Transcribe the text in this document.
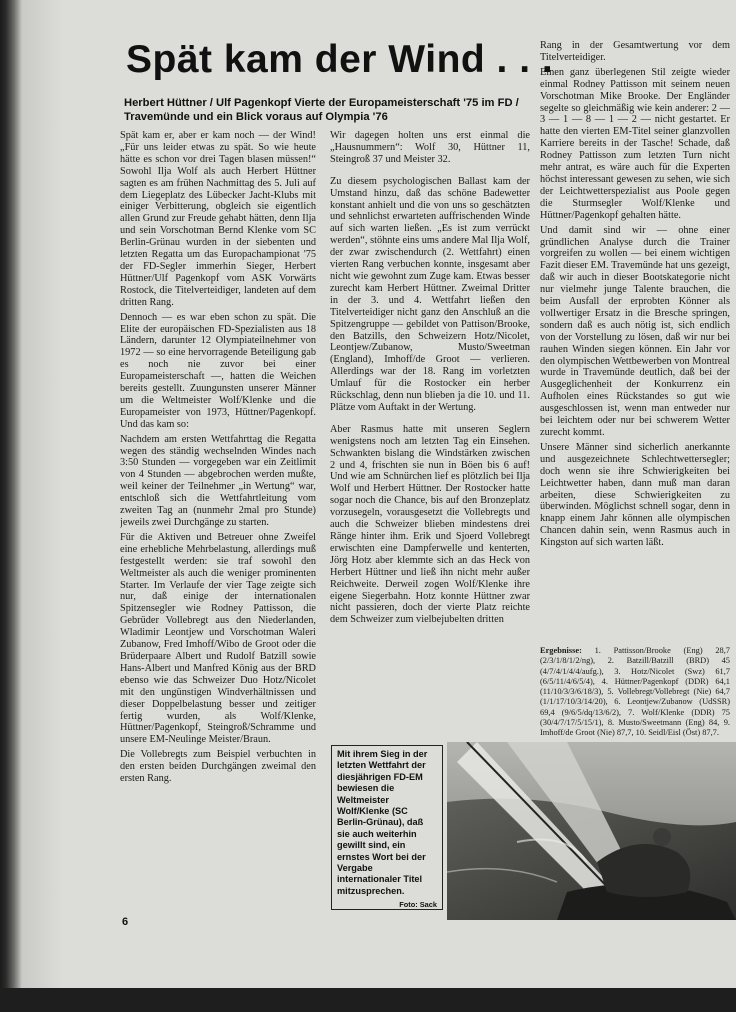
Spät kam der Wind . . .
Herbert Hüttner / Ulf Pagenkopf Vierte der Europameisterschaft '75 im FD / Travemünde und ein Blick voraus auf Olympia '76

Spät kam er, aber er kam noch — der Wind! „Für uns leider etwas zu spät. So wie heute hätte es schon vor drei Tagen blasen müssen!“ Sowohl Ilja Wolf als auch Herbert Hüttner sagten es am frühen Nachmittag des 5. Juli auf dem Liegeplatz des Lübecker Jacht-Klubs mit einiger Verbitterung, obgleich sie eigentlich allen Grund zur Freude gehabt hätten, denn Ilja und sein Vorschotman Bernd Klenke vom SC Berlin-Grünau wurden in der siebenten und letzten Regatta um das Europachampionat '75 der FD-Segler immerhin Sieger, Herbert Hüttner/Ulf Pagenkopf vom ASK Vorwärts Rostock, die Titelverteidiger, landeten auf dem dritten Rang.

Dennoch — es war eben schon zu spät. Die Elite der europäischen FD-Spezialisten aus 18 Ländern, darunter 12 Olympiateilnehmer von 1972 — so eine hervorragende Beteiligung gab es noch nie zuvor bei einer Europameisterschaft —, hatten die Weichen bereits gestellt. Zuungunsten unserer Männer um die Weltmeister Wolf/Klenke und die Europameister von 1973, Hüttner/Pagenkopf. Und das kam so:

Nachdem am ersten Wettfahrttag die Regatta wegen des ständig wechselnden Windes nach 3:50 Stunden — vorgegeben war ein Zeitlimit von 4 Stunden — abgebrochen werden mußte, weil keiner der Teilnehmer „in Wertung“ war, entschloß sich die Wettfahrtleitung vom zweiten Tag an (nunmehr 2mal pro Stunde) jeweils zwei Durchgänge zu starten.

Für die Aktiven und Betreuer ohne Zweifel eine erhebliche Mehrbelastung, allerdings muß festgestellt werden: sie traf sowohl den Weltmeister als auch die weniger prominenten Starter. Im Verlaufe der vier Tage zeigte sich nur, daß einige der internationalen Spitzensegler wie Rodney Pattisson, die Gebrüder Vollebregt aus den Niederlanden, Wladimir Leontjew und Vorschotman Waleri Zubanow, Fred Imhoff/Wibo de Groot oder die Brüderpaare Albert und Rudolf Batzill sowie Hans-Albert und Manfred König aus der BRD ebenso wie das Schweizer Duo Hotz/Nicolet mit den ungünstigen Windverhältnissen und dieser Doppelbelastung besser und zeitiger fertig wurden, als Wolf/Klenke, Hüttner/Pagenkopf, Steingroß/Schramme und unsere EM-Neulinge Meister/Braun.

Die Vollebregts zum Beispiel verbuchten in den ersten beiden Durchgängen zweimal den ersten Rang.

Wir dagegen holten uns erst einmal die „Hausnummern“: Wolf 30, Hüttner 11, Steingroß 37 und Meister 32.

Zu diesem psychologischen Ballast kam der Umstand hinzu, daß das schöne Badewetter konstant anhielt und die von uns so geschätzten und sehnlichst erwarteten auffrischenden Winde auf sich warten ließen. „Es ist zum verrückt werden“, stöhnte eins ums andere Mal Ilja Wolf, der zwar zwischendurch (2. Wettfahrt) einen vierten Rang verbuchen konnte, insgesamt aber nicht wie gewohnt zum Zuge kam. Etwas besser zurecht kam Herbert Hüttner. Zweimal Dritter in der 3. und 4. Wettfahrt ließen den Titelverteidiger nicht ganz den Anschluß an die Spitzengruppe — gebildet von Pattison/Brooke, den Batzills, den Schweizern Hotz/Nicolet, Leontjew/Zubanow, Musto/Sweetman (England), Imhoff/de Groot — verlieren. Allerdings war der 18. Rang im vorletzten Umlauf für die Rostocker ein herber Rückschlag, denn nun blieben ja die 10. und 11. Plätze vom Auftakt in der Wertung.

Aber Rasmus hatte mit unseren Seglern wenigstens noch am letzten Tag ein Einsehen. Schwankten bislang die Windstärken zwischen 2 und 4, frischten sie nun in Böen bis 6 auf! Und wie am Schnürchen lief es plötzlich bei Ilja Wolf und Herbert Hüttner. Der Rostocker hatte sogar noch die Chance, bis auf den Bronzeplatz vorzusegeln, vorausgesetzt die Vollebregts und auch die Schweizer blieben mindestens drei Ränge hinter ihm. Erik und Sjoerd Vollebregt erwischten eine Dampferwelle und kenterten, Jörg Hotz aber klemmte sich an das Heck von Herbert Hüttner und ließ ihn nicht mehr außer Reichweite. Derweil zogen Wolf/Klenke ihre eigene Siegerbahn. Hotz konnte Hüttner zwar nicht passieren, doch der vierte Platz reichte dem Schweizer zum vielbejubelten dritten

Rang in der Gesamtwertung vor dem Titelverteidiger.

Einen ganz überlegenen Stil zeigte wieder einmal Rodney Pattisson mit seinem neuen Vorschotman Mike Brooke. Der Engländer segelte so gleichmäßig wie kein anderer: 2 — 3 — 1 — 8 — 1 — 2 — nicht gestartet. Er hatte den vierten EM-Titel seiner glanzvollen Karriere bereits in der Tasche! Schade, daß Rodney Pattisson zum letzten Turn nicht mehr antrat, es wäre auch für die Experten höchst interessant gewesen zu sehen, wie sich der Leichtwetterspezialist aus Poole gegen die Sturmsegler Wolf/Klenke und Hüttner/Pagenkopf gehalten hätte.

Und damit sind wir — ohne einer gründlichen Analyse durch die Trainer vorgreifen zu wollen — bei einem wichtigen Fazit dieser EM. Travemünde hat uns gezeigt, daß wir auch in dieser Bootskategorie nicht nur vielmehr junge Talente brauchen, die beim Ausfall der erprobten Könner als vollwertiger Ersatz in die Bresche springen, sondern daß es auch nötig ist, sich endlich von der Vorstellung zu lösen, daß wir nur bei rauhen Winden siegen können. Ein Jahr vor den olympischen Wettbewerben von Montreal wurde in Travemünde deutlich, daß bei der Ausgeglichenheit der Konkurrenz ein Aufholen eines Rückstandes so gut wie ausgeschlossen ist, wenn man entweder nur bei leichtem oder nur bei schwerem Wetter zurecht kommt.

Unsere Männer sind sicherlich anerkannte und ausgezeichnete Schlechtwettersegler; doch wenn sie ihre Schwierigkeiten bei Leichtwetter haben, dann muß man daran arbeiten, diese Schwierigkeiten zu überwinden. Möglichst schnell sogar, denn in knapp einem Jahr können alle olympischen Chancen dahin sein, wenn Rasmus auch in Kingston auf sich warten läßt.

Ergebnisse: 1. Pattisson/Brooke (Eng) 28,7 (2/3/1/8/1/2/ng), 2. Batzill/Batzill (BRD) 45 (4/7/4/1/4/4/aufg.), 3. Hotz/Nicolet (Swz) 61,7 (6/5/11/4/6/5/4), 4. Hüttner/Pagenkopf (DDR) 64,1 (11/10/3/3/6/18/3), 5. Vollebregt/Vollebregt (Nie) 64,7 (1/1/17/10/3/14/20), 6. Leontjew/Zubanow (UdSSR) 69,4 (9/6/5/dq/13/6/2), 7. Wolf/Klenke (DDR) 75 (30/4/7/17/5/15/1), 8. Musto/Sweetmann (Eng) 84, 9. Imhoff/de Groot (Nie) 87,7, 10. Seidl/Eisl (Öst) 87,7.
Mit ihrem Sieg in der letzten Wettfahrt der diesjährigen FD-EM bewiesen die Weltmeister Wolf/Klenke (SC Berlin-Grünau), daß sie auch weiterhin gewillt sind, ein ernstes Wort bei der Vergabe internationaler Titel mitzusprechen.
Foto: Sack
6
